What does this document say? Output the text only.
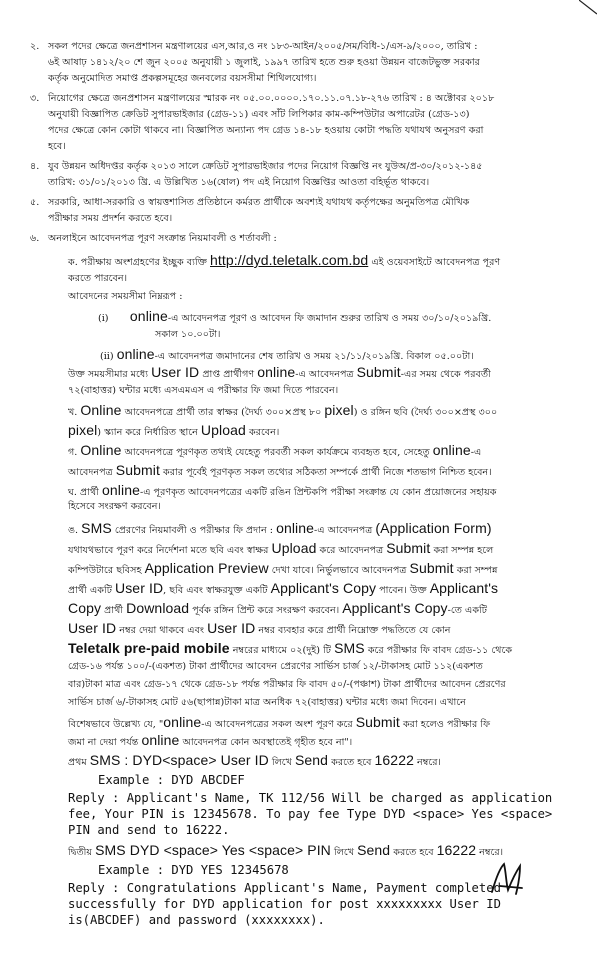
২. সকল পদের ক্ষেত্রে জনপ্রশাসন মন্ত্রণালয়ের এস,আর,ও নং ১৮৩-আইন/২০০৫/সম/বিধি-১/এস-৯/২০০০, তারিখ :
৬ই আষাঢ় ১৪১২/২০ শে জুন ২০০৫ অনুযায়ী ১ জুলাই, ১৯৯৭ তারিখ হতে শুরু হওয়া উন্নয়ন বাজেটভুক্ত সরকার
কর্তৃক অনুমোদিত সমাপ্ত প্রকল্পসমূহের জনবলের বয়সসীমা শিথিলযোগ্য।
৩. নিয়োগের ক্ষেত্রে জনপ্রশাসন মন্ত্রণালয়ের স্মারক নং ০৫.০০.০০০০.১৭০.১১.০৭.১৮-২৭৬ তারিখ : ৪ অক্টোবর ২০১৮
অনুযায়ী বিজ্ঞাপিত ক্রেডিট সুপারভাইজার (গ্রেড-১১) এবং সাঁট লিপিকার কাম-কম্পিউটার অপারেটর (গ্রেড-১৩)
পদের ক্ষেত্রে কোন কোটা থাকবে না। বিজ্ঞাপিত অন্যান্য পদ গ্রেড ১৪-১৮ হওয়ায় কোটা পদ্ধতি যথাযথ অনুসরণ করা
হবে।
৪. যুব উন্নয়ন অধিদপ্তর কর্তৃক ২০১৩ সালে ক্রেডিট সুপারভাইজার পদের নিয়োগ বিজ্ঞপ্তি নং যুউঅ/প্র-৩০/২০১২-১৪৫
তারিখ: ৩১/০১/২০১৩ খ্রি. এ উল্লিখিত ১৬(ষোল) পদ এই নিয়োগ বিজ্ঞপ্তির আওতা বহির্ভূত থাকবে।
৫. সরকারি, আধা-সরকারি ও স্বায়ত্তশাসিত প্রতিষ্ঠানে কর্মরত প্রার্থীকে অবশ্যই যথাযথ কর্তৃপক্ষের অনুমতিপত্র মৌখিক
পরীক্ষার সময় প্রদর্শন করতে হবে।
৬. অনলাইনে আবেদনপত্র পূরণ সংক্রান্ত নিয়মাবলী ও শর্তাবলী :
ক. পরীক্ষায় অংশগ্রহণের ইচ্ছুক ব্যক্তি http://dyd.teletalk.com.bd এই ওয়েবসাইটে আবেদনপত্র পূরণ
করতে পারবেন।
আবেদনের সময়সীমা নিম্নরূপ :
(i) online-এ আবেদনপত্র পূরণ ও আবেদন ফি জমাদান শুরুর তারিখ ও সময় ৩০/১০/২০১৯খ্রি.
সকাল ১০.০০টা।
(ii) online-এ আবেদনপত্র জমাদানের শেষ তারিখ ও সময় ২১/১১/২০১৯খ্রি. বিকাল ০৫.০০টা।
উক্ত সময়সীমার মধ্যে User ID প্রাপ্ত প্রার্থীগণ online-এ আবেদনপত্র Submit-এর সময় থেকে পরবর্তী
৭২(বাহাত্তর) ঘন্টার মধ্যে এসএমএস এ পরীক্ষার ফি জমা দিতে পারবেন।
খ. Online আবেদনপত্রে প্রার্থী তার স্বাক্ষর (দৈর্ঘ্য ৩০০×প্রস্থ ৮০ pixel) ও রঙ্গিন ছবি (দৈর্ঘ্য ৩০০×প্রস্থ ৩০০
pixel) স্ক্যান করে নির্ধারিত স্থানে Upload করবেন।
গ. Online আবেদনপত্রে পূরণকৃত তথ্যই যেহেতু পরবর্তী সকল কার্যক্রমে ব্যবহৃত হবে, সেহেতু online-এ
আবেদনপত্র Submit করার পূর্বেই পূরণকৃত সকল তথ্যের সঠিকতা সম্পর্কে প্রার্থী নিজে শতভাগ নিশ্চিত হবেন।
ঘ. প্রার্থী online-এ পূরণকৃত আবেদনপত্রের একটি রঙিন প্রিন্টকপি পরীক্ষা সংক্রান্ত যে কোন প্রয়োজনের সহায়ক
হিসেবে সংরক্ষণ করবেন।
ঙ. SMS প্রেরণের নিয়মাবলী ও পরীক্ষার ফি প্রদান : online-এ আবেদনপত্র (Application Form)
যথাযথভাবে পূরণ করে নির্দেশনা মতে ছবি এবং স্বাক্ষর Upload করে আবেদনপত্র Submit করা সম্পন্ন হলে
কম্পিউটারে ছবিসহ Application Preview দেখা যাবে। নির্ভুলভাবে আবেদনপত্র Submit করা সম্পন্ন
প্রার্থী একটি User ID, ছবি এবং স্বাক্ষরযুক্ত একটি Applicant's Copy পাবেন। উক্ত Applicant's
Copy প্রার্থী Download পূর্বক রঙ্গিন প্রিন্ট করে সংরক্ষণ করবেন। Applicant's Copy-তে একটি
User ID নম্বর দেয়া থাকবে এবং User ID নম্বর ব্যবহার করে প্রার্থী নিম্নোক্ত পদ্ধতিতে যে কোন
Teletalk pre-paid mobile নম্বরের মাধ্যমে ০২(দুই) টি SMS করে পরীক্ষার ফি বাবদ গ্রেড-১১ থেকে
গ্রেড-১৬ পর্যন্ত ১০০/-(একশত) টাকা প্রার্থীদের আবেদন প্রেরণের সার্ভিস চার্জ ১২/-টাকাসহ মোট ১১২(একশত
বার)টাকা মাত্র এবং গ্রেড-১৭ থেকে গ্রেড-১৮ পর্যন্ত পরীক্ষার ফি বাবদ ৫০/-(পঞ্চাশ) টাকা প্রার্থীদের আবেদন প্রেরণের
সার্ভিস চার্জ ৬/-টাকাসহ মোট ৫৬(ছাপান্ন)টাকা মাত্র অনধিক ৭২(বাহাত্তর) ঘন্টার মধ্যে জমা দিবেন। এখানে
বিশেষভাবে উল্লেখ্য যে, "online-এ আবেদনপত্রের সকল অংশ পূরণ করে Submit করা হলেও পরীক্ষার ফি
জমা না দেয়া পর্যন্ত online আবেদনপত্র কোন অবস্থাতেই গৃহীত হবে না"।
প্রথম SMS : DYD<space> User ID লিখে Send করতে হবে 16222 নম্বরে।
Example : DYD ABCDEF
Reply : Applicant's Name, TK 112/56 Will be charged as application
fee, Your PIN is 12345678. To pay fee Type DYD <space> Yes <space>
PIN and send to 16222.
দ্বিতীয় SMS DYD <space> Yes <space> PIN লিখে Send করতে হবে 16222 নম্বরে।
Example : DYD YES 12345678
Reply : Congratulations Applicant's Name, Payment completed
successfully for DYD application for post xxxxxxxxx User ID
is(ABCDEF) and password (xxxxxxxx).
